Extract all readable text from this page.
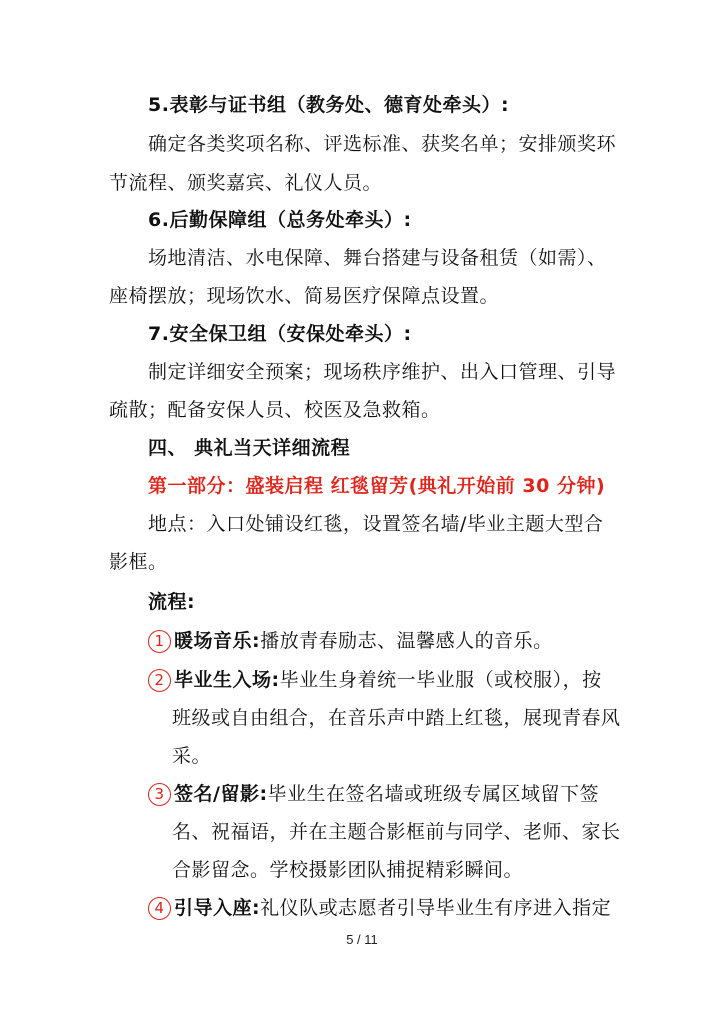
5.表彰与证书组（教务处、德育处牵头）:
确定各类奖项名称、评选标准、获奖名单；安排颁奖环
节流程、颁奖嘉宾、礼仪人员。
6.后勤保障组（总务处牵头）:
场地清洁、水电保障、舞台搭建与设备租赁（如需）、
座椅摆放；现场饮水、简易医疗保障点设置。
7.安全保卫组（安保处牵头）:
制定详细安全预案；现场秩序维护、出入口管理、引导
疏散；配备安保人员、校医及急救箱。
四、 典礼当天详细流程
第一部分：盛装启程 红毯留芳(典礼开始前 30 分钟)
地点：入口处铺设红毯，设置签名墙/毕业主题大型合
影框。
流程:
1 暖场音乐:播放青春励志、温馨感人的音乐。
2 毕业生入场:毕业生身着统一毕业服（或校服），按
班级或自由组合，在音乐声中踏上红毯，展现青春风
采。
3 签名/留影:毕业生在签名墙或班级专属区域留下签
名、祝福语，并在主题合影框前与同学、老师、家长
合影留念。学校摄影团队捕捉精彩瞬间。
4 引导入座:礼仪队或志愿者引导毕业生有序进入指定
5 / 11
